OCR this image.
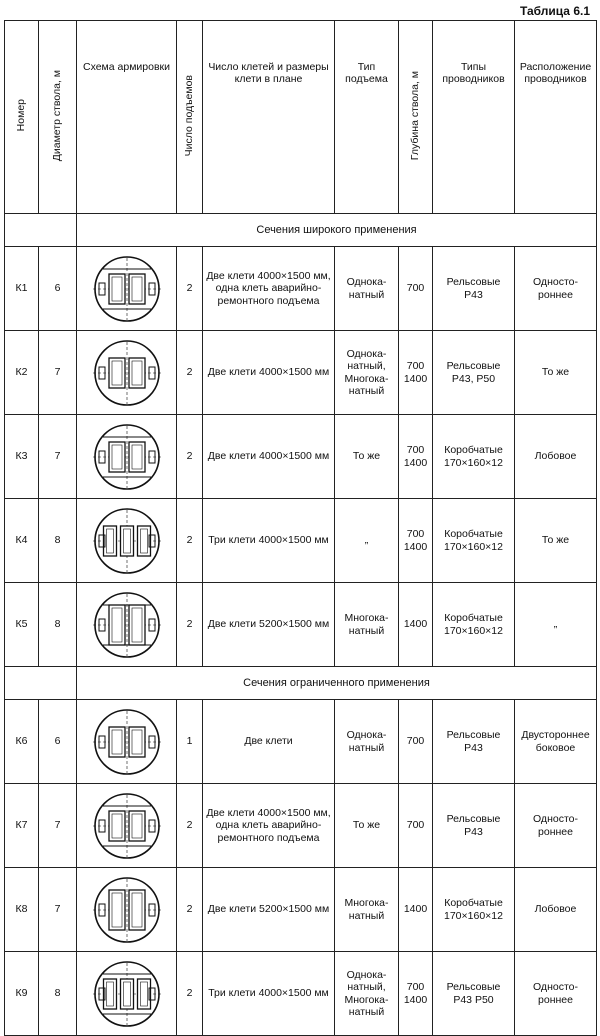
Таблица 6.1
Номер	Диаметр ствола, м	Схема армировки	Число подъемов	Число клетей и размеры клети в плане	Тип подъема	Глубина ствола, м	Типы проводников	Расположение проводников
		Сечения широкого применения						
К1	6		2	Две клети 4000×1500 мм, одна клеть аварийно-ремонтного подъема	Однока-натный	700	Рельсовые Р43	Односто-роннее
К2	7		2	Две клети 4000×1500 мм	Однока-натный, Многока-натный	700 1400	Рельсовые Р43, Р50	То же
К3	7		2	Две клети 4000×1500 мм	То же	700 1400	Коробчатые 170×160×12	Лобовое
К4	8		2	Три клети 4000×1500 мм	„	700 1400	Коробчатые 170×160×12	То же
К5	8		2	Две клети 5200×1500 мм	Многока-натный	1400	Коробчатые 170×160×12	„
		Сечения ограниченного применения						
К6	6		1	Две клети	Однока-натный	700	Рельсовые Р43	Двустороннее боковое
К7	7		2	Две клети 4000×1500 мм, одна клеть аварийно-ремонтного подъема	То же	700	Рельсовые Р43	Односто-роннее
К8	7		2	Две клети 5200×1500 мм	Многока-натный	1400	Коробчатые 170×160×12	Лобовое
К9	8		2	Три клети 4000×1500 мм	Однока-натный, Многока-натный	700 1400	Рельсовые Р43 Р50	Односто-роннее
